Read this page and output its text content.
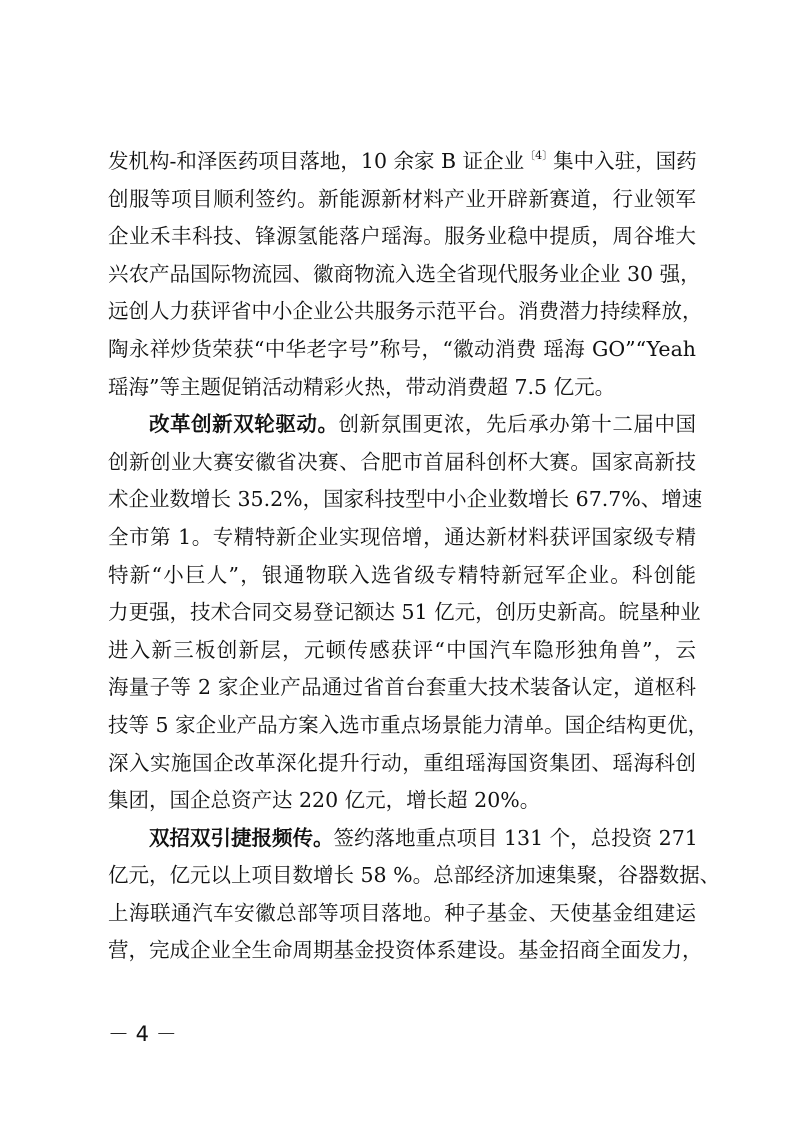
发机构-和泽医药项目落地，10 余家 B 证企业$^{〔4〕}$集中入驻，国药
创服等项目顺利签约。新能源新材料产业开辟新赛道，行业领军
企业禾丰科技、锋源氢能落户瑶海。服务业稳中提质，周谷堆大
兴农产品国际物流园、徽商物流入选全省现代服务业企业 30 强，
远创人力获评省中小企业公共服务示范平台。消费潜力持续释放，
陶永祥炒货荣获“中华老字号”称号，“徽动消费 瑶海 GO”“Yeah
瑶海”等主题促销活动精彩火热，带动消费超 7.5 亿元。
改革创新双轮驱动。创新氛围更浓，先后承办第十二届中国
创新创业大赛安徽省决赛、合肥市首届科创杯大赛。国家高新技
术企业数增长 35.2%，国家科技型中小企业数增长 67.7%、增速
全市第 1。专精特新企业实现倍增，通达新材料获评国家级专精
特新“小巨人”，银通物联入选省级专精特新冠军企业。科创能
力更强，技术合同交易登记额达 51 亿元，创历史新高。皖垦种业
进入新三板创新层，元顿传感获评“中国汽车隐形独角兽”，云
海量子等 2 家企业产品通过省首台套重大技术装备认定，道枢科
技等 5 家企业产品方案入选市重点场景能力清单。国企结构更优，
深入实施国企改革深化提升行动，重组瑶海国资集团、瑶海科创
集团，国企总资产达 220 亿元，增长超 20%。
双招双引捷报频传。签约落地重点项目 131 个，总投资 271
亿元，亿元以上项目数增长 58 %。总部经济加速集聚，谷器数据、
上海联通汽车安徽总部等项目落地。种子基金、天使基金组建运
营，完成企业全生命周期基金投资体系建设。基金招商全面发力，
－ 4 －
